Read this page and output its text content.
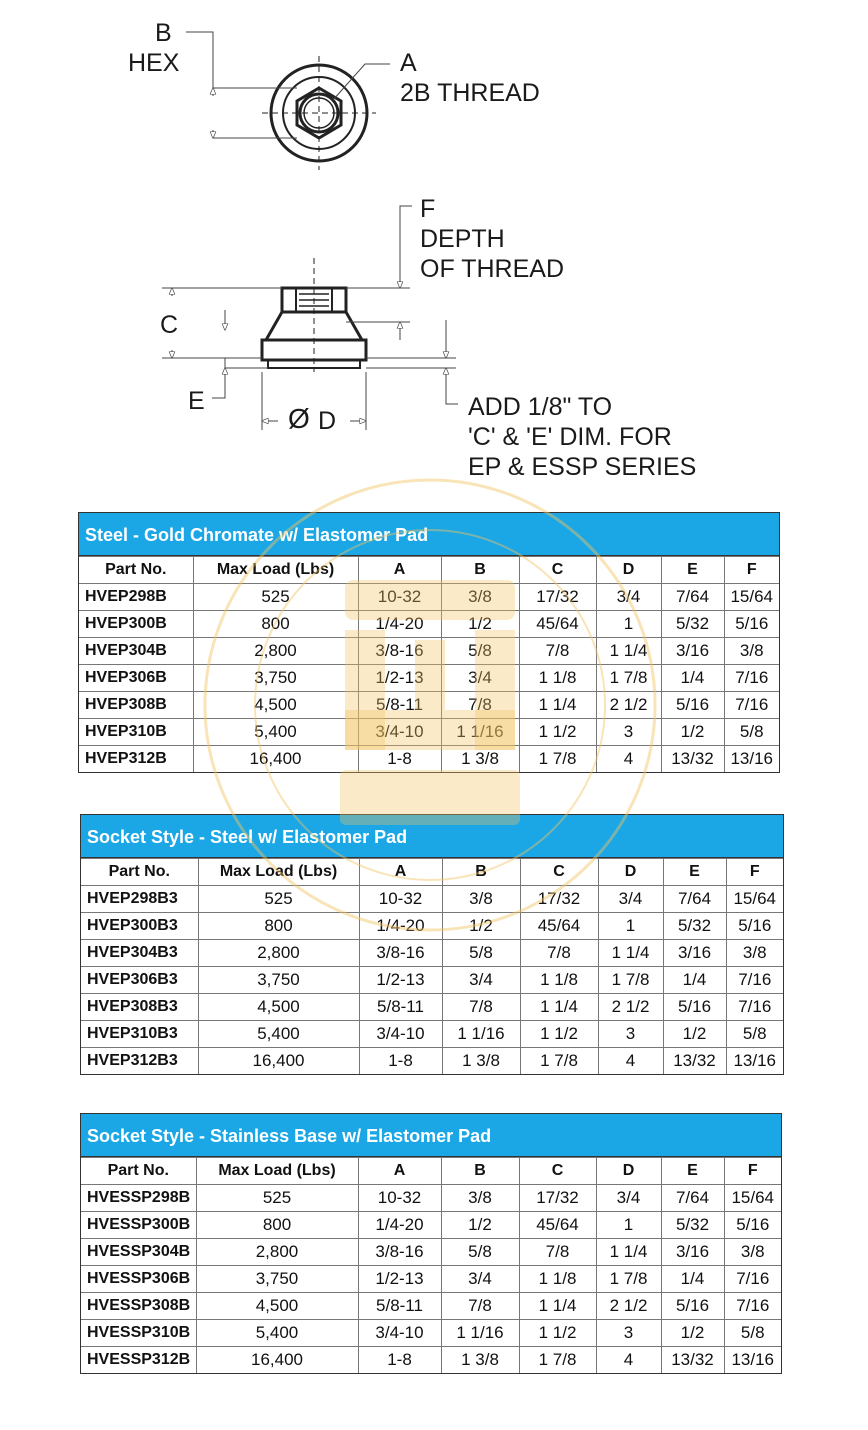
B
HEX	A
2B THREAD
F
DEPTH
OF THREAD
C
E
Ø D	ADD 1/8" TO
'C' & 'E' DIM. FOR
EP & ESSP SERIES
Steel - Gold Chromate w/ Elastomer Pad
Part No.	Max Load (Lbs)	A	B	C	D	E	F
HVEP298B	525	10-32	3/8	17/32	3/4	7/64	15/64
HVEP300B	800	1/4-20	1/2	45/64	1	5/32	5/16
HVEP304B	2,800	3/8-16	5/8	7/8	1 1/4	3/16	3/8
HVEP306B	3,750	1/2-13	3/4	1 1/8	1 7/8	1/4	7/16
HVEP308B	4,500	5/8-11	7/8	1 1/4	2 1/2	5/16	7/16
HVEP310B	5,400	3/4-10	1 1/16	1 1/2	3	1/2	5/8
HVEP312B	16,400	1-8	1 3/8	1 7/8	4	13/32	13/16
Socket Style - Steel w/ Elastomer Pad
Part No.	Max Load (Lbs)	A	B	C	D	E	F
HVEP298B3	525	10-32	3/8	17/32	3/4	7/64	15/64
HVEP300B3	800	1/4-20	1/2	45/64	1	5/32	5/16
HVEP304B3	2,800	3/8-16	5/8	7/8	1 1/4	3/16	3/8
HVEP306B3	3,750	1/2-13	3/4	1 1/8	1 7/8	1/4	7/16
HVEP308B3	4,500	5/8-11	7/8	1 1/4	2 1/2	5/16	7/16
HVEP310B3	5,400	3/4-10	1 1/16	1 1/2	3	1/2	5/8
HVEP312B3	16,400	1-8	1 3/8	1 7/8	4	13/32	13/16
Socket Style - Stainless Base w/ Elastomer Pad
Part No.	Max Load (Lbs)	A	B	C	D	E	F
HVESSP298B	525	10-32	3/8	17/32	3/4	7/64	15/64
HVESSP300B	800	1/4-20	1/2	45/64	1	5/32	5/16
HVESSP304B	2,800	3/8-16	5/8	7/8	1 1/4	3/16	3/8
HVESSP306B	3,750	1/2-13	3/4	1 1/8	1 7/8	1/4	7/16
HVESSP308B	4,500	5/8-11	7/8	1 1/4	2 1/2	5/16	7/16
HVESSP310B	5,400	3/4-10	1 1/16	1 1/2	3	1/2	5/8
HVESSP312B	16,400	1-8	1 3/8	1 7/8	4	13/32	13/16
